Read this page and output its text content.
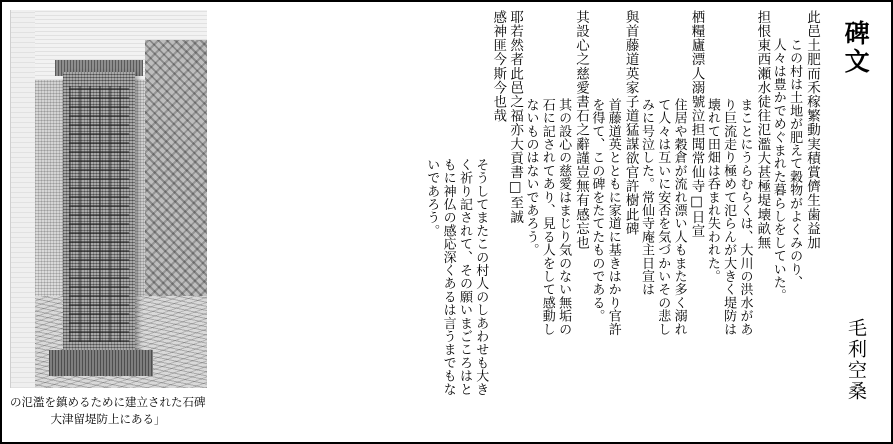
の氾濫を鎮めるために建立された石碑
大津留堤防上にある」
此邑土肥而禾稼繁動実積賞儕生歯益加
この村は土地が肥えて穀物がよくみのり、
人々は豊かでめぐまれた暮らしをしていた。
担恨東西瀬水徒往氾濫大甚極堤壊畝無
まことにうらむらくは、大川の洪水があ
り巨流走り極めて氾らんが大きく堤防は
壊れて田畑は呑まれ失われた。
栖糧廬漂人溺號泣担聞常仙寺□日宣
住居や穀倉が流れ漂い人もまた多く溺れ
て人々は互いに安否を気づかいその悲し
みに号泣した。常仙寺庵主日宣は
與首藤道英家子道猛謀欲官許樹此碑
首藤道英とともに家道に基きはかり官許
を得て、この碑をたてたものである。
其設心之慈愛書石之辭謹豈無有感忘也
其の設心の慈愛はまじり気のない無垢の
石に記されてあり、見る人をして感動し
ないものはないであろう。
耶若然者此邑之福亦大貢書□至誠
感神匪今斯今也哉
そうしてまたこの村人のしあわせも大き
く祈り記されて、その願いまごころはと
もに神仏の感応深くあるは言うまでもな
いであろう。
碑文
毛利空桑
